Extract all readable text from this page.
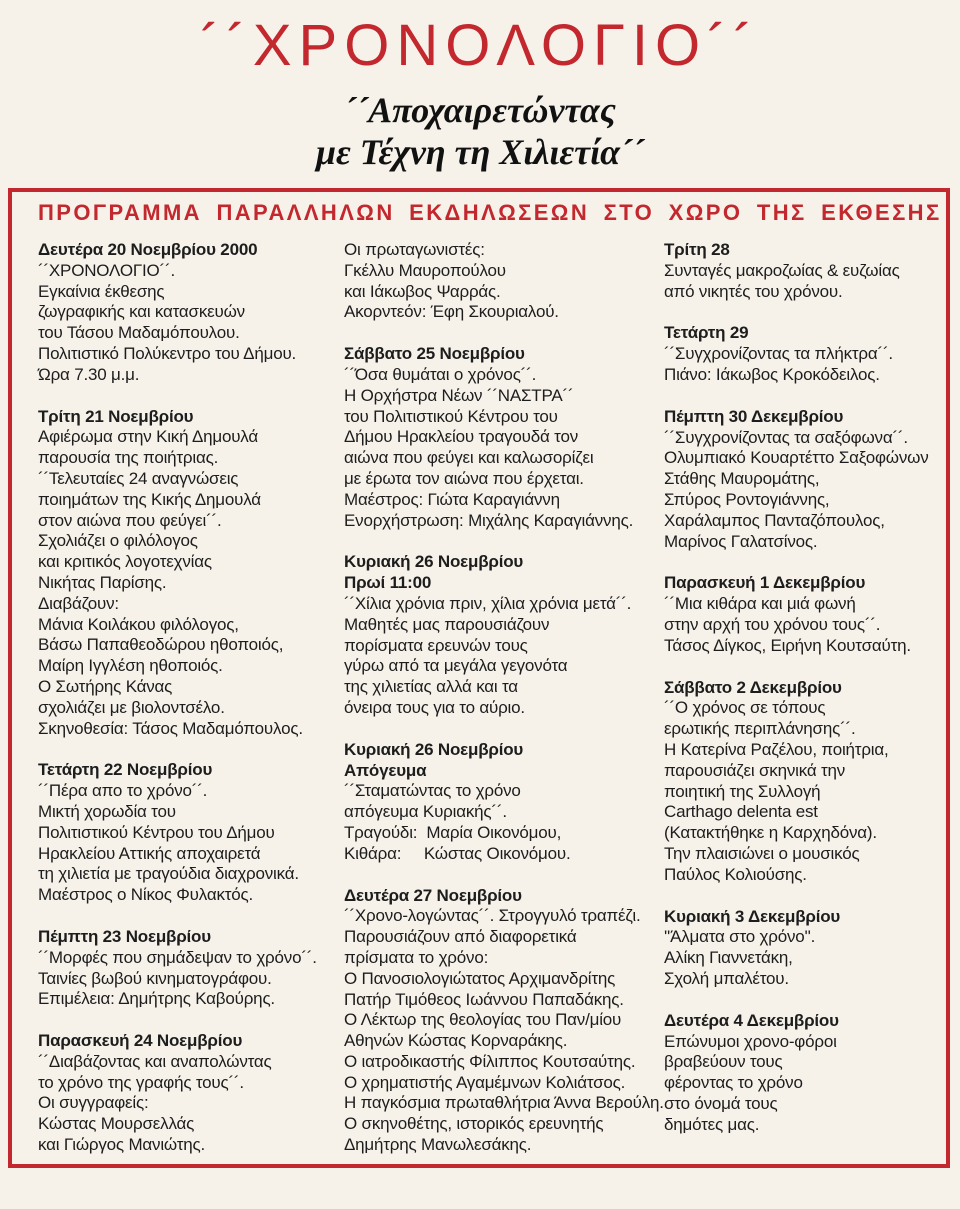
´´ΧΡΟΝΟΛΟΓΙΟ´´

´´Αποχαιρετώντας
με Τέχνη τη Χιλιετία´´

ΠΡΟΓΡΑΜΜΑ ΠΑΡΑΛΛΗΛΩΝ ΕΚΔΗΛΩΣΕΩΝ ΣΤΟ ΧΩΡΟ ΤΗΣ ΕΚΘΕΣΗΣ
Δευτέρα 20 Νοεμβρίου 2000
´´ΧΡΟΝΟΛΟΓΙΟ´´.
Εγκαίνια έκθεσης
ζωγραφικής και κατασκευών
του Τάσου Μαδαμόπουλου.
Πολιτιστικό Πολύκεντρο του Δήμου.
Ώρα 7.30 μ.μ.
Τρίτη 21 Νοεμβρίου
Αφιέρωμα στην Κική Δημουλά
παρουσία της ποιήτριας.
´´Τελευταίες 24 αναγνώσεις
ποιημάτων της Κικής Δημουλά
στον αιώνα που φεύγει´´.
Σχολιάζει ο φιλόλογος
και κριτικός λογοτεχνίας
Νικήτας Παρίσης.
Διαβάζουν:
Μάνια Κοιλάκου φιλόλογος,
Βάσω Παπαθεοδώρου ηθοποιός,
Μαίρη Ιγγλέση ηθοποιός.
Ο Σωτήρης Κάνας
σχολιάζει με βιολοντσέλο.
Σκηνοθεσία: Τάσος Μαδαμόπουλος.
Τετάρτη 22 Νοεμβρίου
´´Πέρα απο το χρόνο´´.
Μικτή χορωδία του
Πολιτιστικού Κέντρου του Δήμου
Ηρακλείου Αττικής αποχαιρετά
τη χιλιετία με τραγούδια διαχρονικά.
Μαέστρος ο Νίκος Φυλακτός.
Πέμπτη 23 Νοεμβρίου
´´Μορφές που σημάδεψαν το χρόνο´´.
Ταινίες βωβού κινηματογράφου.
Επιμέλεια: Δημήτρης Καβούρης.
Παρασκευή 24 Νοεμβρίου
´´Διαβάζοντας και αναπολώντας
το χρόνο της γραφής τους´´.
Οι συγγραφείς:
Κώστας Μουρσελλάς
και Γιώργος Μανιώτης.
Οι πρωταγωνιστές:
Γκέλλυ Μαυροπούλου
και Ιάκωβος Ψαρράς.
Ακορντεόν: Έφη Σκουριαλού.
Σάββατο 25 Νοεμβρίου
´´Όσα θυμάται ο χρόνος´´.
Η Ορχήστρα Νέων ´´ΝΑΣΤΡΑ´´
του Πολιτιστικού Κέντρου του
Δήμου Ηρακλείου τραγουδά τον
αιώνα που φεύγει και καλωσορίζει
με έρωτα τον αιώνα που έρχεται.
Μαέστρος: Γιώτα Καραγιάννη
Ενορχήστρωση: Μιχάλης Καραγιάννης.
Κυριακή 26 Νοεμβρίου
Πρωί 11:00
´´Χίλια χρόνια πριν, χίλια χρόνια μετά´´.
Μαθητές μας παρουσιάζουν
πορίσματα ερευνών τους
γύρω από τα μεγάλα γεγονότα
της χιλιετίας αλλά και τα
όνειρα τους για το αύριο.
Κυριακή 26 Νοεμβρίου
Απόγευμα
´´Σταματώντας το χρόνο
απόγευμα Κυριακής´´.
Τραγούδι:  Μαρία Οικονόμου,
Κιθάρα:     Κώστας Οικονόμου.
Δευτέρα 27 Νοεμβρίου
´´Χρονο-λογώντας´´. Στρογγυλό τραπέζι.
Παρουσιάζουν από διαφορετικά
πρίσματα το χρόνο:
Ο Πανοσιολογιώτατος Αρχιμανδρίτης
Πατήρ Τιμόθεος Ιωάννου Παπαδάκης.
Ο Λέκτωρ της θεολογίας του Παν/μίου
Αθηνών Κώστας Κορναράκης.
Ο ιατροδικαστής Φίλιππος Κουτσαύτης.
Ο χρηματιστής Αγαμέμνων Κολιάτσος.
Η παγκόσμια πρωταθλήτρια Άννα Βερούλη.
Ο σκηνοθέτης, ιστορικός ερευνητής
Δημήτρης Μανωλεσάκης.
Τρίτη 28
Συνταγές μακροζωίας & ευζωίας
από νικητές του χρόνου.
Τετάρτη 29
´´Συγχρονίζοντας τα πλήκτρα´´.
Πιάνο: Ιάκωβος Κροκόδειλος.
Πέμπτη 30 Δεκεμβρίου
´´Συγχρονίζοντας τα σαξόφωνα´´.
Ολυμπιακό Κουαρτέττο Σαξοφώνων
Στάθης Μαυρομάτης,
Σπύρος Ροντογιάννης,
Χαράλαμπος Πανταζόπουλος,
Μαρίνος Γαλατσίνος.
Παρασκευή 1 Δεκεμβρίου
´´Μια κιθάρα και μιά φωνή
στην αρχή του χρόνου τους´´.
Τάσος Δίγκος, Ειρήνη Κουτσαύτη.
Σάββατο 2 Δεκεμβρίου
´´Ο χρόνος σε τόπους
ερωτικής περιπλάνησης´´.
Η Κατερίνα Ραζέλου, ποιήτρια,
παρουσιάζει σκηνικά την
ποιητική της Συλλογή
Carthago delenta est
(Κατακτήθηκε η Καρχηδόνα).
Την πλαισιώνει ο μουσικός
Παύλος Κολιούσης.
Κυριακή 3 Δεκεμβρίου
''Άλματα στο χρόνο''.
Αλίκη Γιαννετάκη,
Σχολή μπαλέτου.
Δευτέρα 4 Δεκεμβρίου
Επώνυμοι χρονο-φόροι
βραβεύουν τους
φέροντας το χρόνο
στο όνομά τους
δημότες μας.
